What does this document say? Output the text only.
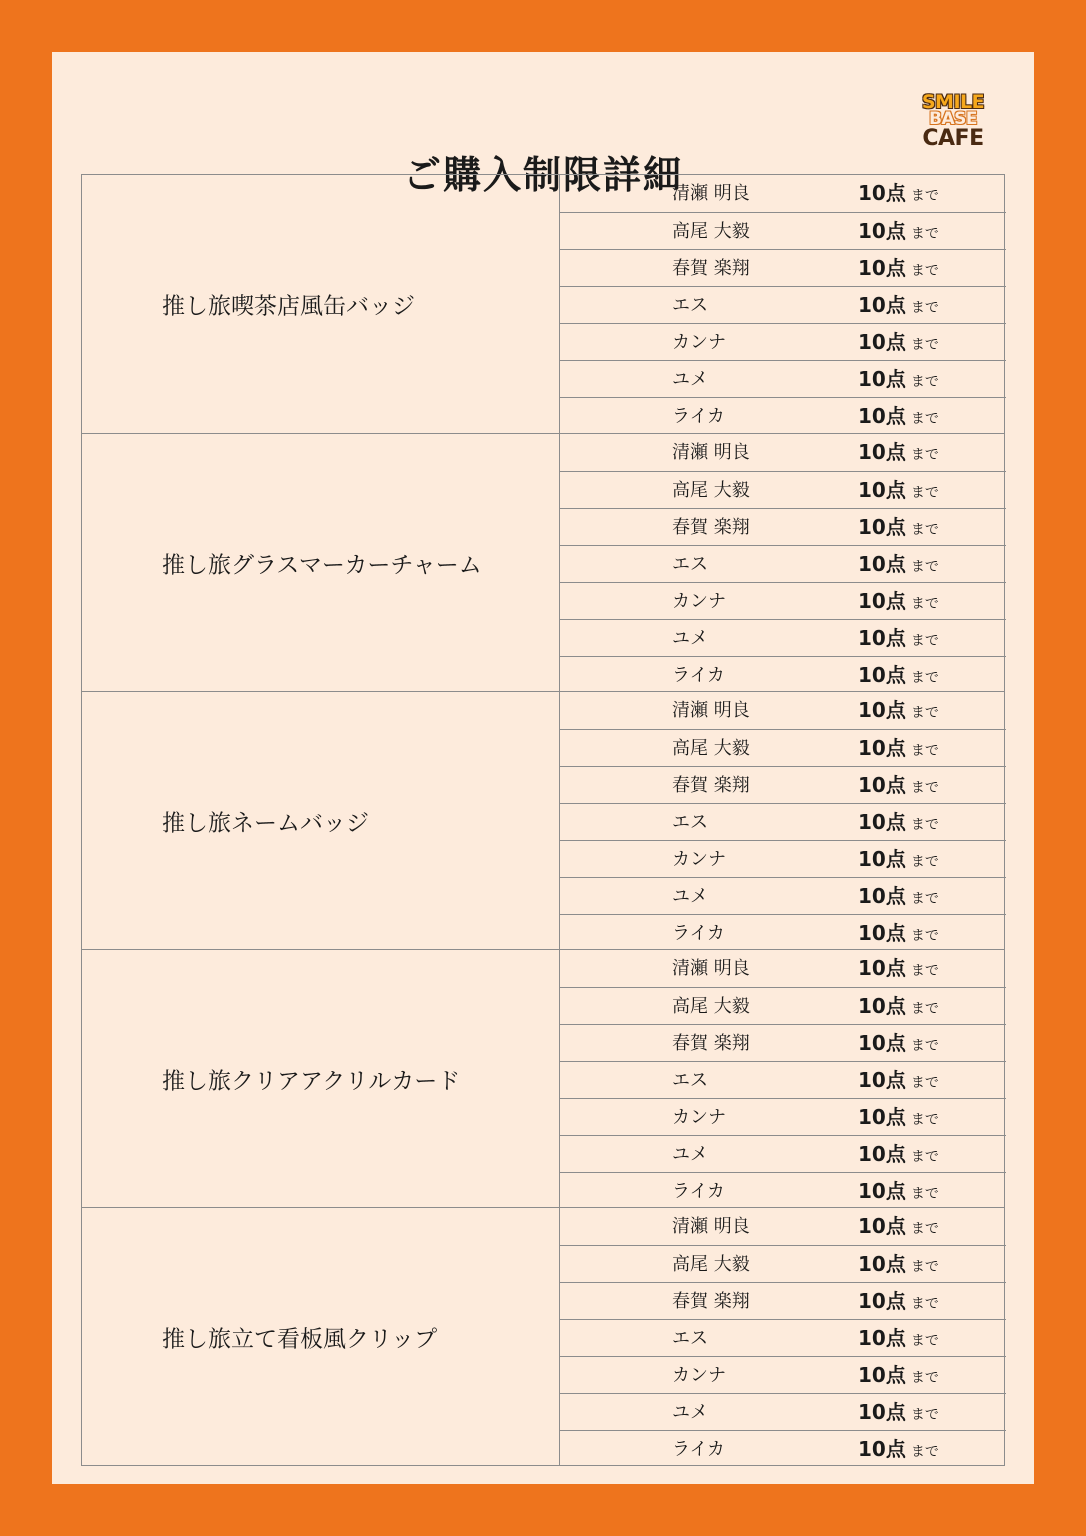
ご購入制限詳細
SMILE
BASE
CAFE
推し旅喫茶店風缶バッジ
清瀬 明良	10点 まで
高尾 大毅	10点 まで
春賀 楽翔	10点 まで
エス	10点 まで
カンナ	10点 まで
ユメ	10点 まで
ライカ	10点 まで
推し旅グラスマーカーチャーム
清瀬 明良	10点 まで
高尾 大毅	10点 まで
春賀 楽翔	10点 まで
エス	10点 まで
カンナ	10点 まで
ユメ	10点 まで
ライカ	10点 まで
推し旅ネームバッジ
清瀬 明良	10点 まで
高尾 大毅	10点 まで
春賀 楽翔	10点 まで
エス	10点 まで
カンナ	10点 まで
ユメ	10点 まで
ライカ	10点 まで
推し旅クリアアクリルカード
清瀬 明良	10点 まで
高尾 大毅	10点 まで
春賀 楽翔	10点 まで
エス	10点 まで
カンナ	10点 まで
ユメ	10点 まで
ライカ	10点 まで
推し旅立て看板風クリップ
清瀬 明良	10点 まで
高尾 大毅	10点 まで
春賀 楽翔	10点 まで
エス	10点 まで
カンナ	10点 まで
ユメ	10点 まで
ライカ	10点 まで
